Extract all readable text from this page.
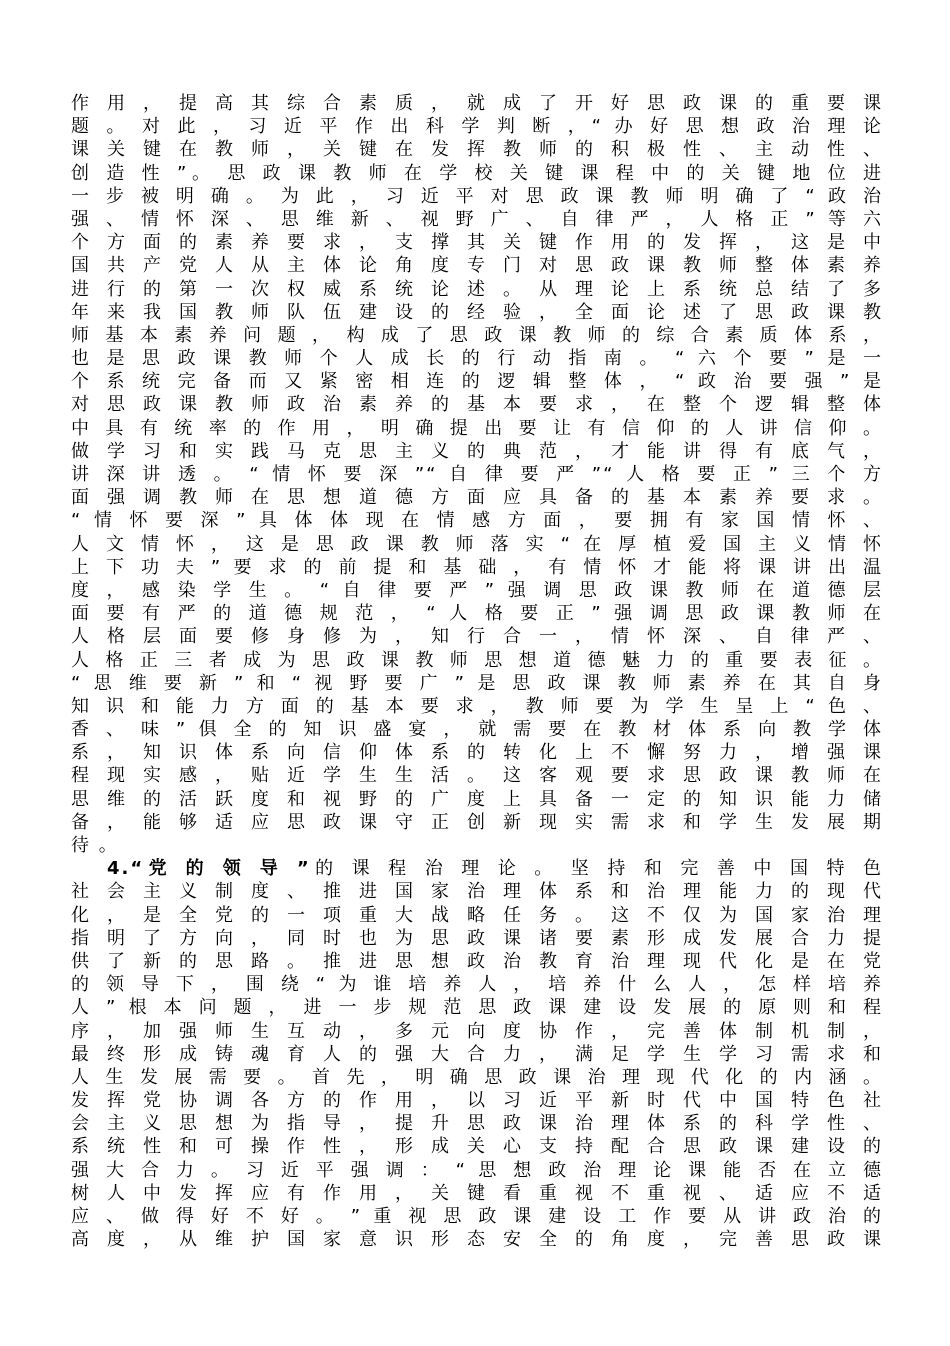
作 用 ， 提 高 其 综 合 素 质 ， 就 成 了 开 好 思 政 课 的 重 要 课
题 。 对 此 ， 习 近 平 作 出 科 学 判 断 ，“ 办 好 思 想 政 治 理 论
课 关 键 在 教 师 ， 关 键 在 发 挥 教 师 的 积 极 性 、 主 动 性 、
创 造 性 ”。 思 政 课 教 师 在 学 校 关 键 课 程 中 的 关 键 地 位 进
一 步 被 明 确 。 为 此 ， 习 近 平 对 思 政 课 教 师 明 确 了 “ 政 治
强 、 情 怀 深 、 思 维 新 、 视 野 广 、 自 律 严 ， 人 格 正 ” 等 六
个 方 面 的 素 养 要 求 ， 支 撑 其 关 键 作 用 的 发 挥 ， 这 是 中
国 共 产 党 人 从 主 体 论 角 度 专 门 对 思 政 课 教 师 整 体 素 养
进 行 的 第 一 次 权 威 系 统 论 述 。 从 理 论 上 系 统 总 结 了 多
年 来 我 国 教 师 队 伍 建 设 的 经 验 ， 全 面 论 述 了 思 政 课 教
师 基 本 素 养 问 题 ， 构 成 了 思 政 课 教 师 的 综 合 素 质 体 系 ，
也 是 思 政 课 教 师 个 人 成 长 的 行 动 指 南 。 “ 六 个 要 ” 是 一
个 系 统 完 备 而 又 紧 密 相 连 的 逻 辑 整 体 ， “ 政 治 要 强 ” 是
对 思 政 课 教 师 政 治 素 养 的 基 本 要 求 ， 在 整 个 逻 辑 整 体
中 具 有 统 率 的 作 用 ， 明 确 提 出 要 让 有 信 仰 的 人 讲 信 仰 。
做 学 习 和 实 践 马 克 思 主 义 的 典 范 ， 才 能 讲 得 有 底 气 ，
讲 深 讲 透 。 “ 情 怀 要 深 ”“ 自 律 要 严 ”“ 人 格 要 正 ” 三 个 方
面 强 调 教 师 在 思 想 道 德 方 面 应 具 备 的 基 本 素 养 要 求 。
“ 情 怀 要 深 ” 具 体 体 现 在 情 感 方 面 ， 要 拥 有 家 国 情 怀 、
人 文 情 怀 ， 这 是 思 政 课 教 师 落 实 “ 在 厚 植 爱 国 主 义 情 怀
上 下 功 夫 ” 要 求 的 前 提 和 基 础 ， 有 情 怀 才 能 将 课 讲 出 温
度 ， 感 染 学 生 。 “ 自 律 要 严 ” 强 调 思 政 课 教 师 在 道 德 层
面 要 有 严 的 道 德 规 范 ， “ 人 格 要 正 ” 强 调 思 政 课 教 师 在
人 格 层 面 要 修 身 修 为 ， 知 行 合 一 ， 情 怀 深 、 自 律 严 、
人 格 正 三 者 成 为 思 政 课 教 师 思 想 道 德 魅 力 的 重 要 表 征 。
“ 思 维 要 新 ” 和 “ 视 野 要 广 ” 是 思 政 课 教 师 素 养 在 其 自 身
知 识 和 能 力 方 面 的 基 本 要 求 ， 教 师 要 为 学 生 呈 上 “ 色 、
香 、 味 ” 俱 全 的 知 识 盛 宴 ， 就 需 要 在 教 材 体 系 向 教 学 体
系 ， 知 识 体 系 向 信 仰 体 系 的 转 化 上 不 懈 努 力 ， 增 强 课
程 现 实 感 ， 贴 近 学 生 生 活 。 这 客 观 要 求 思 政 课 教 师 在
思 维 的 活 跃 度 和 视 野 的 广 度 上 具 备 一 定 的 知 识 能 力 储
备 ， 能 够 适 应 思 政 课 守 正 创 新 现 实 需 求 和 学 生 发 展 期
待 。
4.“党 的 领 导 ”的 课 程 治 理 论 。 坚 持 和 完 善 中 国 特 色
社 会 主 义 制 度 、 推 进 国 家 治 理 体 系 和 治 理 能 力 的 现 代
化 ， 是 全 党 的 一 项 重 大 战 略 任 务 。 这 不 仅 为 国 家 治 理
指 明 了 方 向 ， 同 时 也 为 思 政 课 诸 要 素 形 成 发 展 合 力 提
供 了 新 的 思 路 。 推 进 思 想 政 治 教 育 治 理 现 代 化 是 在 党
的 领 导 下 ， 围 绕 “ 为 谁 培 养 人 ， 培 养 什 么 人 ， 怎 样 培 养
人 ” 根 本 问 题 ， 进 一 步 规 范 思 政 课 建 设 发 展 的 原 则 和 程
序 ， 加 强 师 生 互 动 ， 多 元 向 度 协 作 ， 完 善 体 制 机 制 ，
最 终 形 成 铸 魂 育 人 的 强 大 合 力 ， 满 足 学 生 学 习 需 求 和
人 生 发 展 需 要 。 首 先 ， 明 确 思 政 课 治 理 现 代 化 的 内 涵 。
发 挥 党 协 调 各 方 的 作 用 ， 以 习 近 平 新 时 代 中 国 特 色 社
会 主 义 思 想 为 指 导 ， 提 升 思 政 课 治 理 体 系 的 科 学 性 、
系 统 性 和 可 操 作 性 ， 形 成 关 心 支 持 配 合 思 政 课 建 设 的
强 大 合 力 。 习 近 平 强 调 ： “ 思 想 政 治 理 论 课 能 否 在 立 德
树 人 中 发 挥 应 有 作 用 ， 关 键 看 重 视 不 重 视 、 适 应 不 适
应 、 做 得 好 不 好 。 ” 重 视 思 政 课 建 设 工 作 要 从 讲 政 治 的
高 度 ， 从 维 护 国 家 意 识 形 态 安 全 的 角 度 ， 完 善 思 政 课
